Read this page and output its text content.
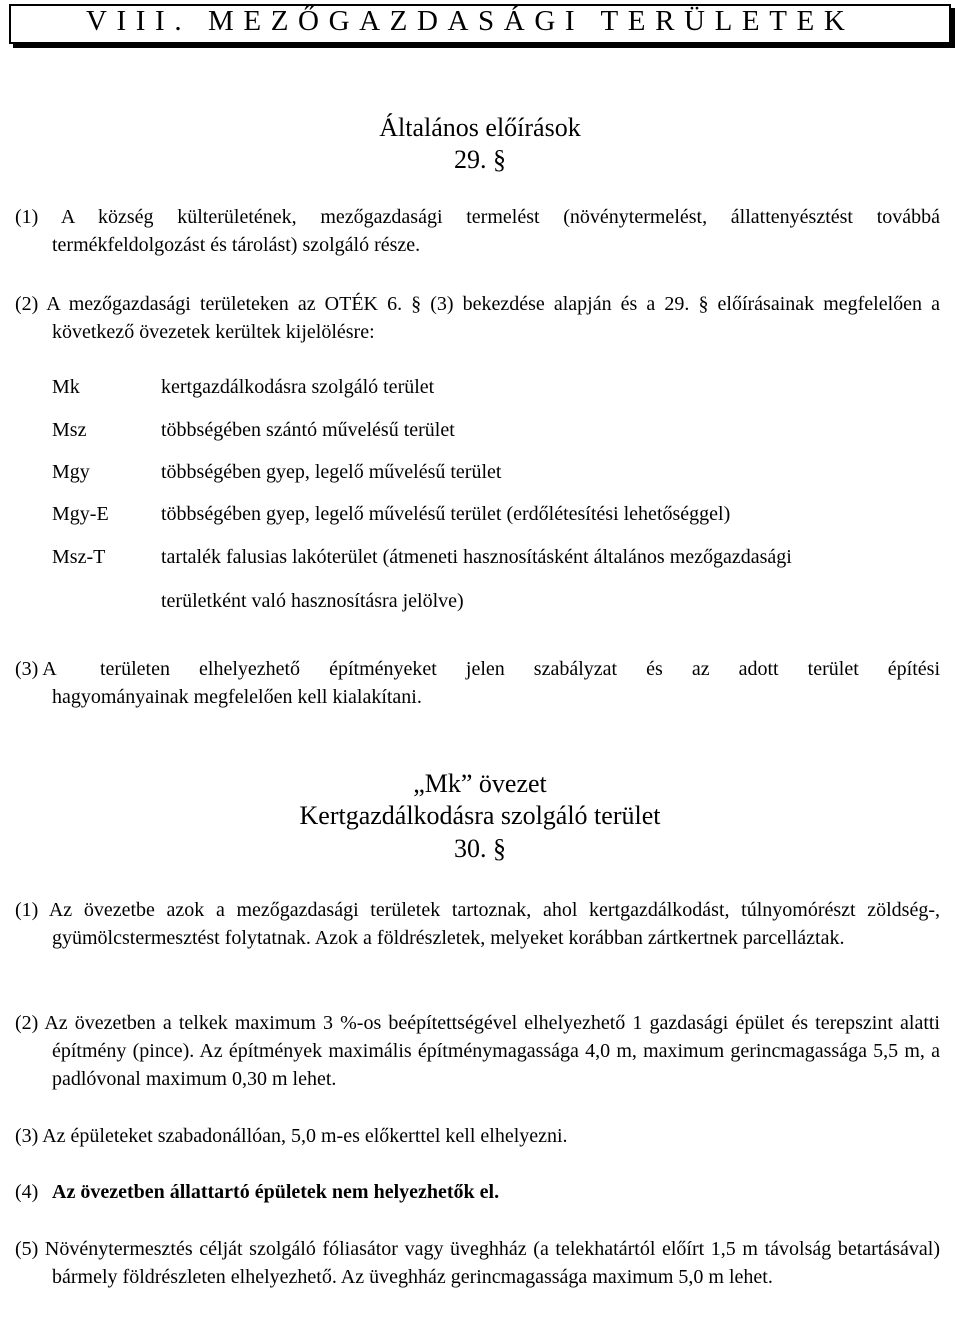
VIII. MEZŐGAZDASÁGI TERÜLETEK
Általános előírások
29. §
(1) A község külterületének, mezőgazdasági termelést (növénytermelést, állattenyésztést továbbá termékfeldolgozást és tárolást) szolgáló része.
(2) A mezőgazdasági területeken az OTÉK 6. § (3) bekezdése alapján és a 29. § előírásainak megfelelően a következő övezetek kerültek kijelölésre:
Mk	kertgazdálkodásra szolgáló terület
Msz	többségében szántó művelésű terület
Mgy	többségében gyep, legelő művelésű terület
Mgy-E	többségében gyep, legelő művelésű terület (erdőlétesítési lehetőséggel)
Msz-T	tartalék falusias lakóterület (átmeneti hasznosításként általános mezőgazdasági
területként való hasznosításra jelölve)
(3) A területen elhelyezhető építményeket jelen szabályzat és az adott terület építési
hagyományainak megfelelően kell kialakítani.
„Mk” övezet
Kertgazdálkodásra szolgáló terület
30. §
(1) Az övezetbe azok a mezőgazdasági területek tartoznak, ahol kertgazdálkodást, túlnyomórészt zöldség-, gyümölcstermesztést folytatnak. Azok a földrészletek, melyeket korábban zártkertnek parcelláztak.
(2) Az övezetben a telkek maximum 3 %-os beépítettségével elhelyezhető 1 gazdasági épület és terepszint alatti építmény (pince). Az építmények maximális építménymagassága 4,0 m, maximum gerincmagassága 5,5 m, a padlóvonal maximum 0,30 m lehet.
(3) Az épületeket szabadonállóan, 5,0 m-es előkerttel kell elhelyezni.
(4) Az övezetben állattartó épületek nem helyezhetők el.
(5) Növénytermesztés célját szolgáló fóliasátor vagy üveghház (a telekhatártól előírt 1,5 m távolság betartásával) bármely földrészleten elhelyezhető. Az üveghház gerincmagassága maximum 5,0 m lehet.
